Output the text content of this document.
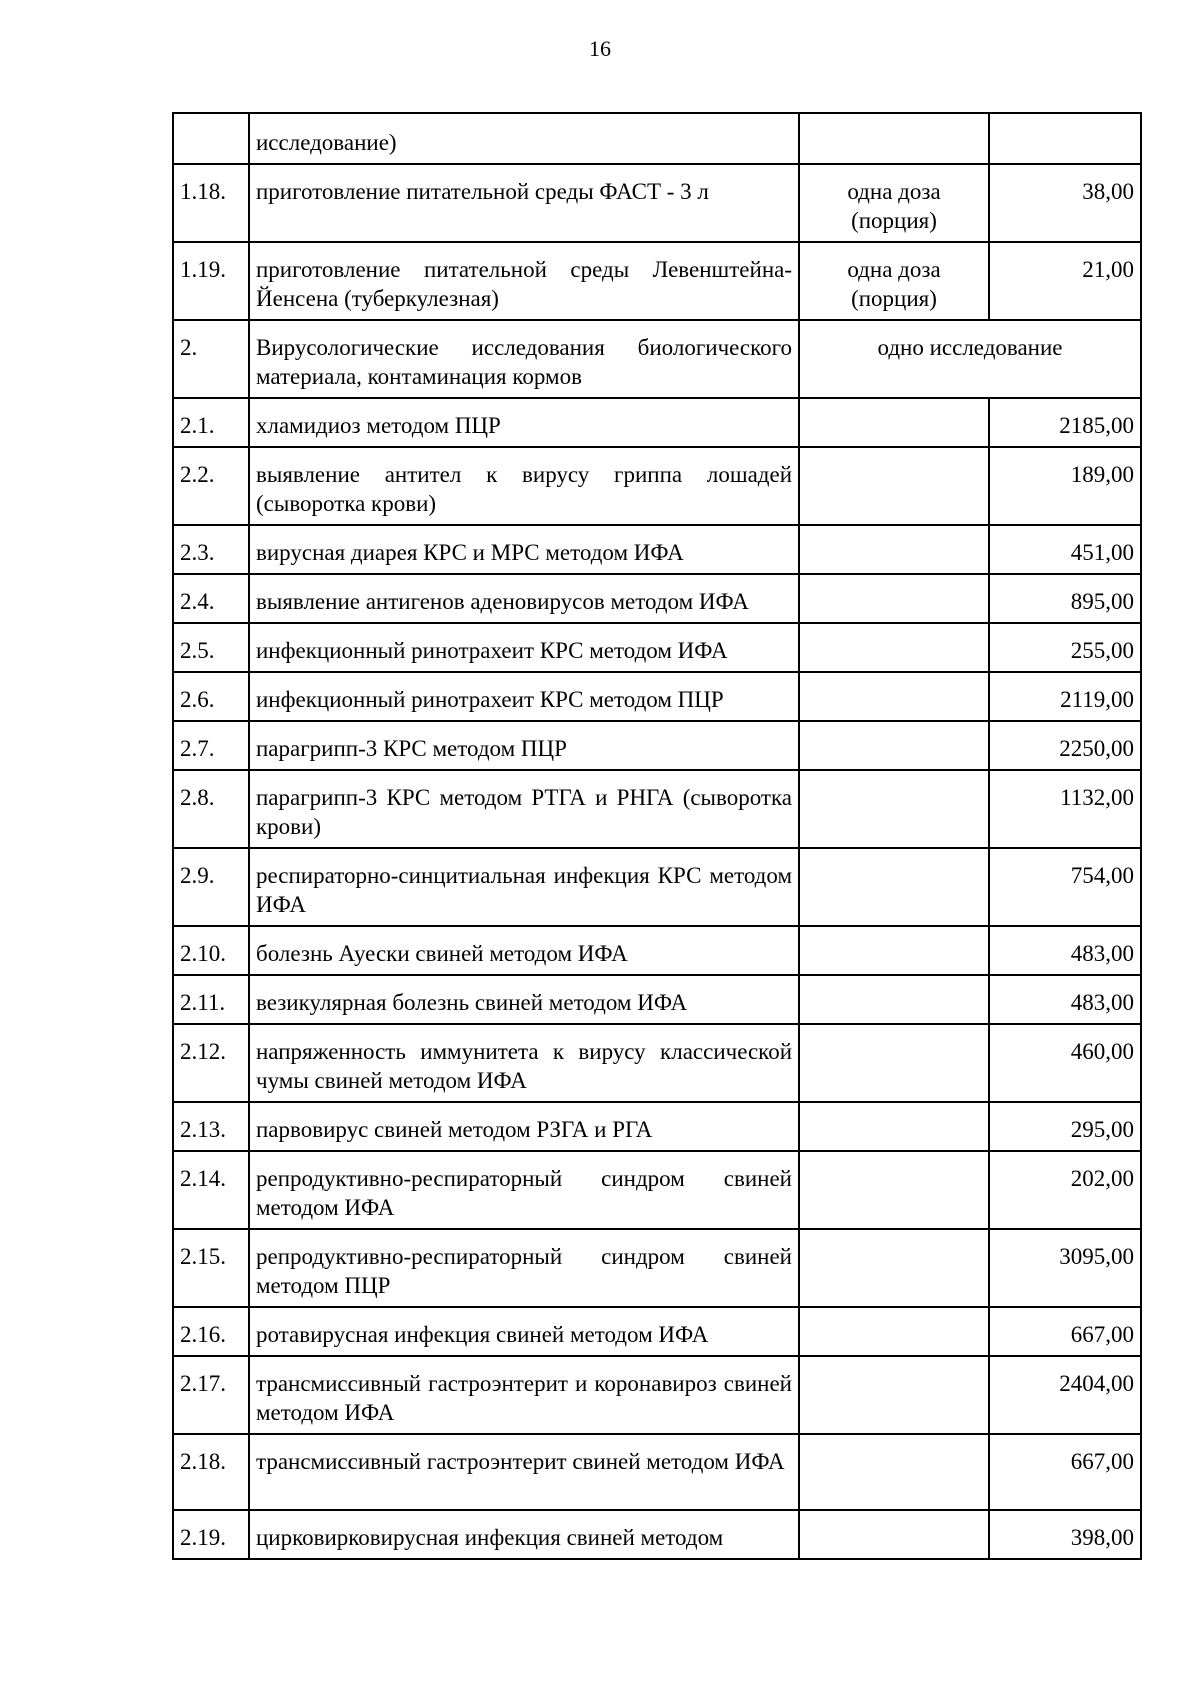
16
	исследование)		
1.18.	приготовление питательной среды ФАСТ - 3 л	одна доза (порция)	38,00
1.19.	приготовление питательной среды Левенштейна-Йенсена (туберкулезная)	одна доза (порция)	21,00
2.	Вирусологические исследования биологического материала, контаминация кормов	одно исследование	
2.1.	хламидиоз методом ПЦР		2185,00
2.2.	выявление антител к вирусу гриппа лошадей (сыворотка крови)		189,00
2.3.	вирусная диарея КРС и МРС методом ИФА		451,00
2.4.	выявление антигенов аденовирусов методом ИФА		895,00
2.5.	инфекционный ринотрахеит КРС методом ИФА		255,00
2.6.	инфекционный ринотрахеит КРС методом ПЦР		2119,00
2.7.	парагрипп-3 КРС методом ПЦР		2250,00
2.8.	парагрипп-3 КРС методом РТГА и РНГА (сыворотка крови)		1132,00
2.9.	респираторно-синцитиальная инфекция КРС методом ИФА		754,00
2.10.	болезнь Ауески свиней методом ИФА		483,00
2.11.	везикулярная болезнь свиней методом ИФА		483,00
2.12.	напряженность иммунитета к вирусу классической чумы свиней методом ИФА		460,00
2.13.	парвовирус свиней методом РЗГА и РГА		295,00
2.14.	репродуктивно-респираторный синдром свиней методом ИФА		202,00
2.15.	репродуктивно-респираторный синдром свиней методом ПЦР		3095,00
2.16.	ротавирусная инфекция свиней методом ИФА		667,00
2.17.	трансмиссивный гастроэнтерит и коронавироз свиней методом ИФА		2404,00
2.18.	трансмиссивный гастроэнтерит свиней методом ИФА		667,00
2.19.	цирковирковирусная инфекция свиней методом		398,00
